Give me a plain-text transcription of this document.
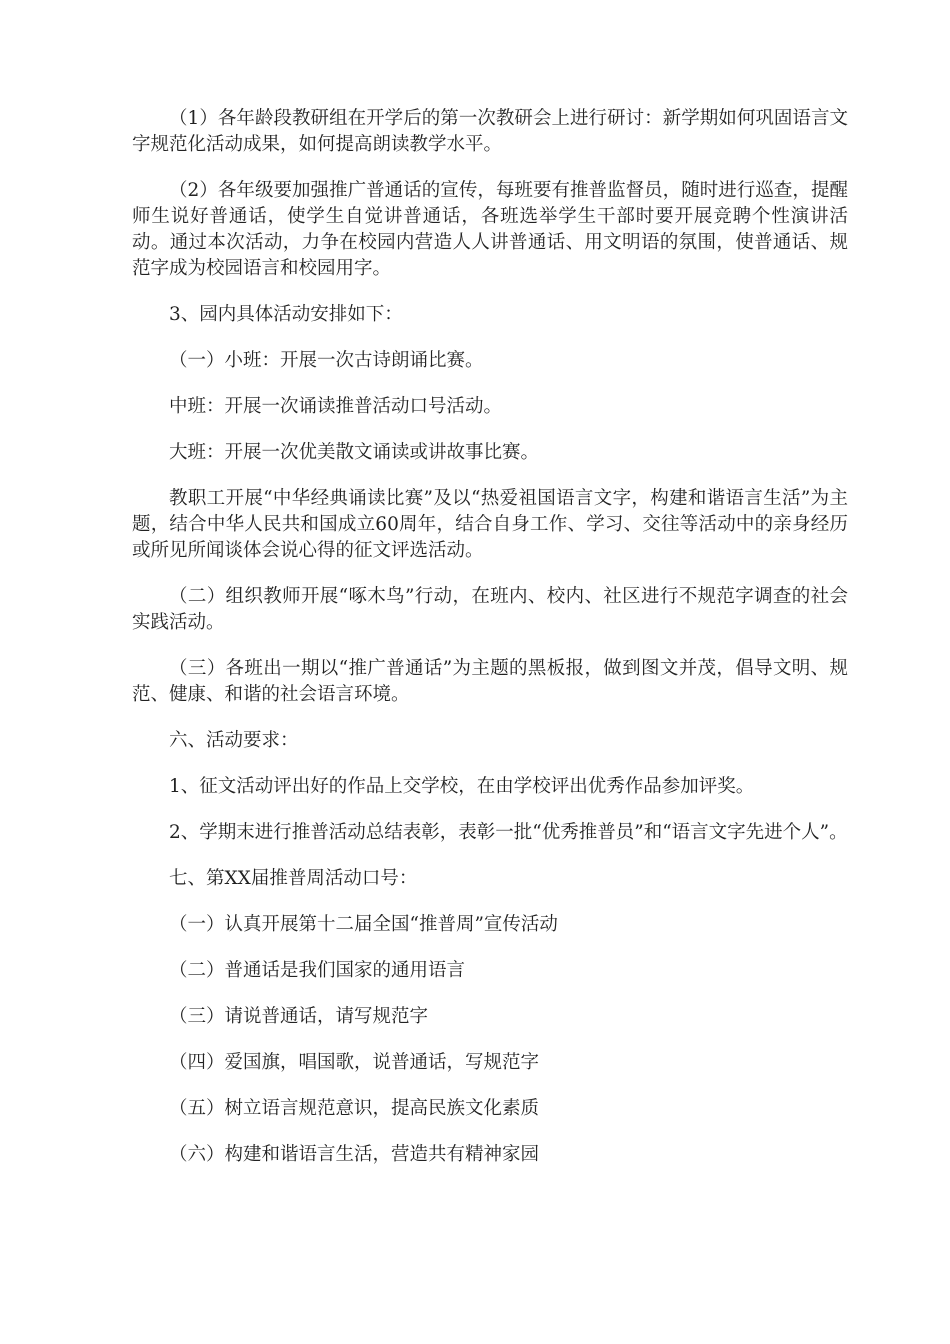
（1）各年龄段教研组在开学后的第一次教研会上进行研讨：新学期如何巩固语言文字规范化活动成果，如何提高朗读教学水平。

（2）各年级要加强推广普通话的宣传，每班要有推普监督员，随时进行巡查，提醒师生说好普通话，使学生自觉讲普通话，各班选举学生干部时要开展竞聘个性演讲活动。通过本次活动，力争在校园内营造人人讲普通话、用文明语的氛围，使普通话、规范字成为校园语言和校园用字。

3、园内具体活动安排如下：

（一）小班：开展一次古诗朗诵比赛。

中班：开展一次诵读推普活动口号活动。

大班：开展一次优美散文诵读或讲故事比赛。

教职工开展“中华经典诵读比赛”及以“热爱祖国语言文字，构建和谐语言生活”为主题，结合中华人民共和国成立60周年，结合自身工作、学习、交往等活动中的亲身经历或所见所闻谈体会说心得的征文评选活动。

（二）组织教师开展“啄木鸟”行动，在班内、校内、社区进行不规范字调查的社会实践活动。

（三）各班出一期以“推广普通话”为主题的黑板报，做到图文并茂，倡导文明、规范、健康、和谐的社会语言环境。

六、活动要求：

1、征文活动评出好的作品上交学校，在由学校评出优秀作品参加评奖。

2、学期末进行推普活动总结表彰，表彰一批“优秀推普员”和“语言文字先进个人”。

七、第XX届推普周活动口号：

（一）认真开展第十二届全国“推普周”宣传活动

（二）普通话是我们国家的通用语言

（三）请说普通话，请写规范字

（四）爱国旗，唱国歌，说普通话，写规范字

（五）树立语言规范意识，提高民族文化素质

（六）构建和谐语言生活，营造共有精神家园
